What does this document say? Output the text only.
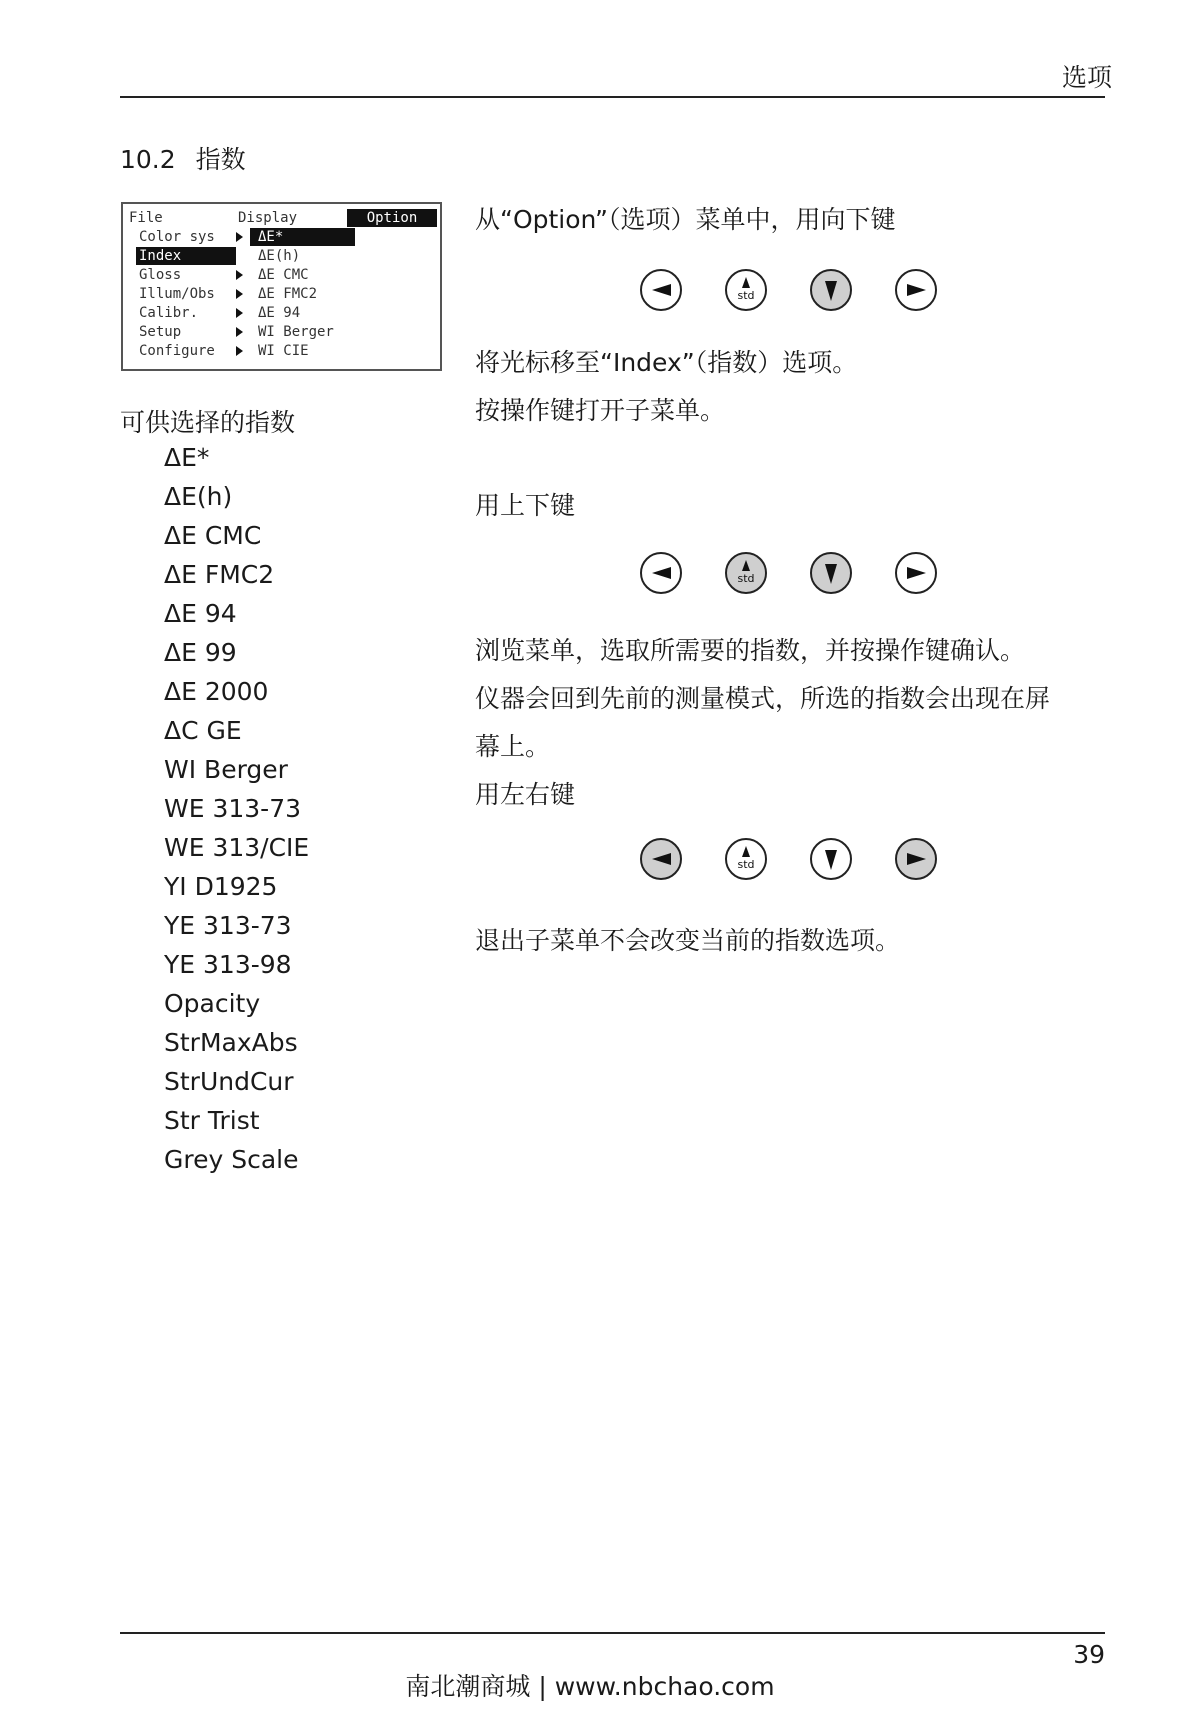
选项
10.2 指数
File	Display	Option
Color sys
Index
Gloss
Illum/Obs
Calibr.
Setup
Configure
ΔE*
ΔE(h)
ΔE CMC
ΔE FMC2
ΔE 94
WI Berger
WI CIE
可供选择的指数
ΔE*
ΔE(h)
ΔE CMC
ΔE FMC2
ΔE 94
ΔE 99
ΔE 2000
ΔC GE
WI Berger
WE 313-73
WE 313/CIE
YI D1925
YE 313-73
YE 313-98
Opacity
StrMaxAbs
StrUndCur
Str Trist
Grey Scale
从“Option”（选项）菜单中，用向下键
std
将光标移至“Index”（指数）选项。
按操作键打开子菜单。
用上下键
std
浏览菜单，选取所需要的指数，并按操作键确认。
仪器会回到先前的测量模式，所选的指数会出现在屏
幕上。
用左右键
std
退出子菜单不会改变当前的指数选项。
39
南北潮商城 | www.nbchao.com
